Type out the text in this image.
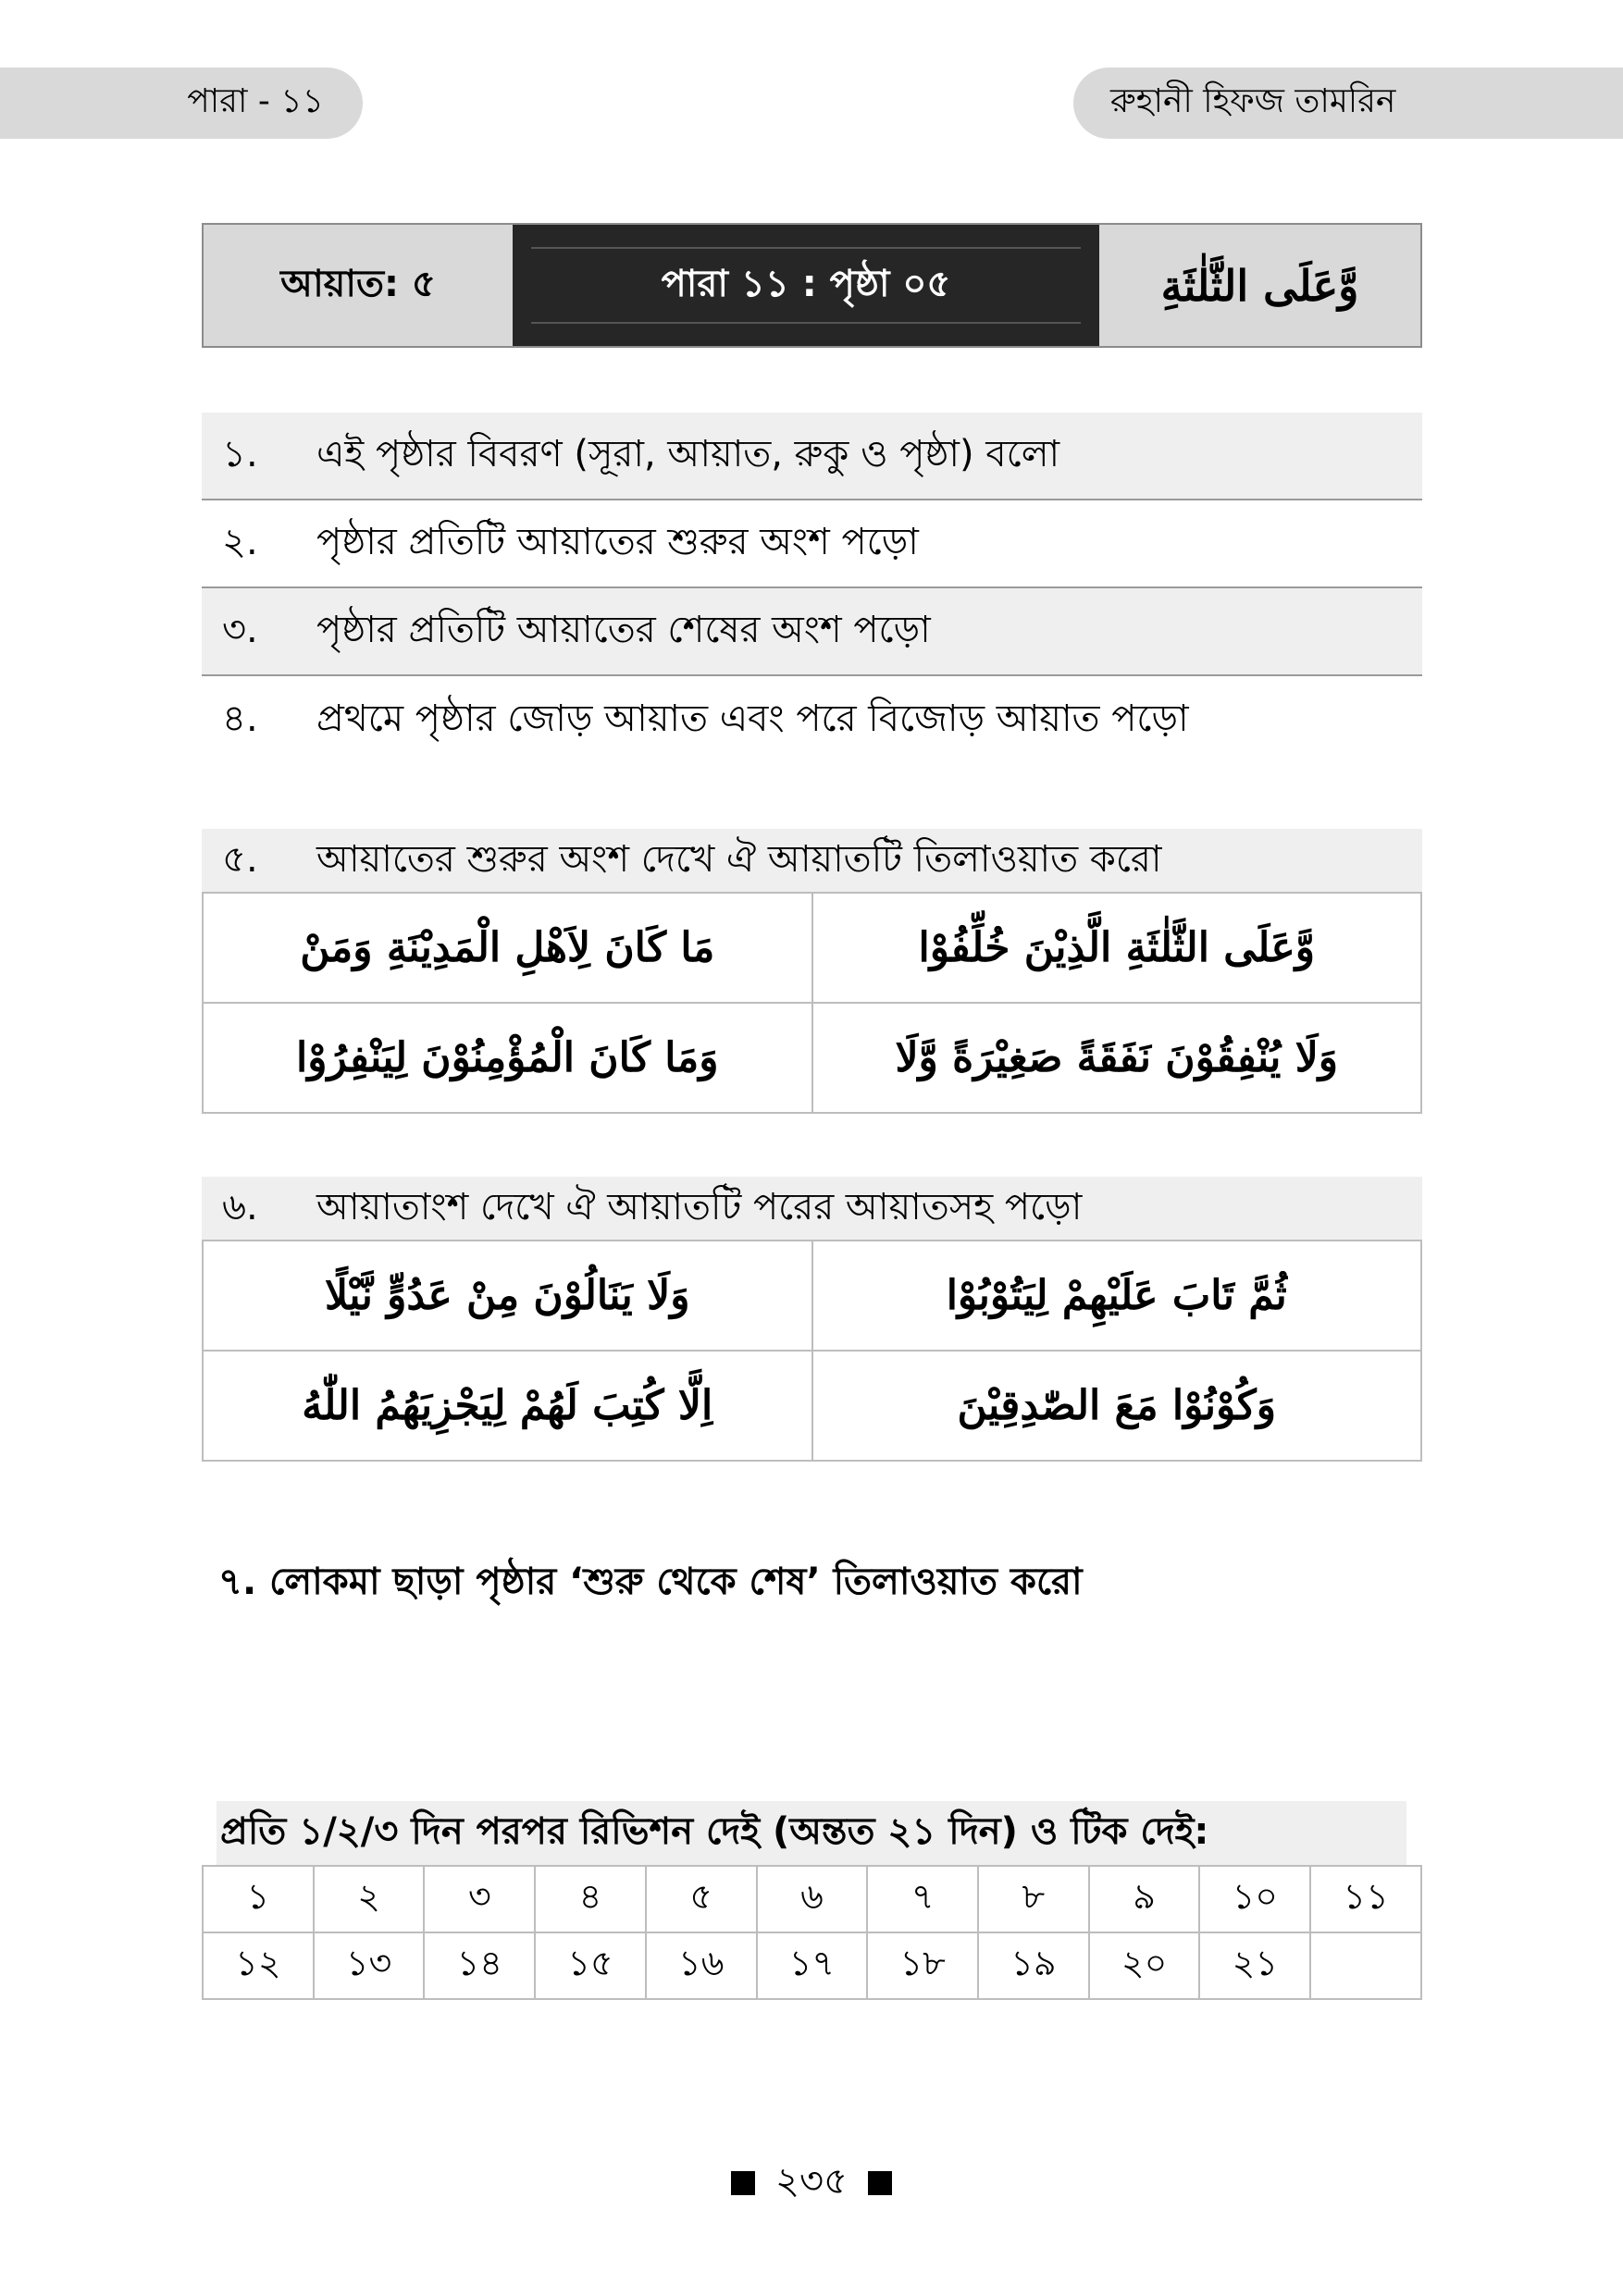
পারা - ১১	রুহানী হিফজ তামরিন
আয়াত: ৫	পারা ১১ : পৃষ্ঠা ০৫	وَّعَلَى الثَّلٰثَةِ
১.	এই পৃষ্ঠার বিবরণ (সূরা, আয়াত, রুকু ও পৃষ্ঠা) বলো
২.	পৃষ্ঠার প্রতিটি আয়াতের শুরুর অংশ পড়ো
৩.	পৃষ্ঠার প্রতিটি আয়াতের শেষের অংশ পড়ো
৪.	প্রথমে পৃষ্ঠার জোড় আয়াত এবং পরে বিজোড় আয়াত পড়ো
৫.	আয়াতের শুরুর অংশ দেখে ঐ আয়াতটি তিলাওয়াত করো
مَا كَانَ لِاَهْلِ الْمَدِيْنَةِ وَمَنْ	وَّعَلَى الثَّلٰثَةِ الَّذِيْنَ خُلِّفُوْا
وَمَا كَانَ الْمُؤْمِنُوْنَ لِيَنْفِرُوْا	وَلَا يُنْفِقُوْنَ نَفَقَةً صَغِيْرَةً وَّلَا
৬.	আয়াতাংশ দেখে ঐ আয়াতটি পরের আয়াতসহ পড়ো
وَلَا يَنَالُوْنَ مِنْ عَدُوٍّ نَّيْلًا	ثُمَّ تَابَ عَلَيْهِمْ لِيَتُوْبُوْا
اِلَّا كُتِبَ لَهُمْ لِيَجْزِيَهُمُ اللّٰهُ	وَكُوْنُوْا مَعَ الصّٰدِقِيْنَ
৭. লোকমা ছাড়া পৃষ্ঠার ‘শুরু থেকে শেষ’ তিলাওয়াত করো
প্রতি ১/২/৩ দিন পরপর রিভিশন দেই (অন্তত ২১ দিন) ও টিক দেই:
১	২	৩	৪	৫	৬	৭	৮	৯	১০	১১
১২	১৩	১৪	১৫	১৬	১৭	১৮	১৯	২০	২১	
২৩৫
